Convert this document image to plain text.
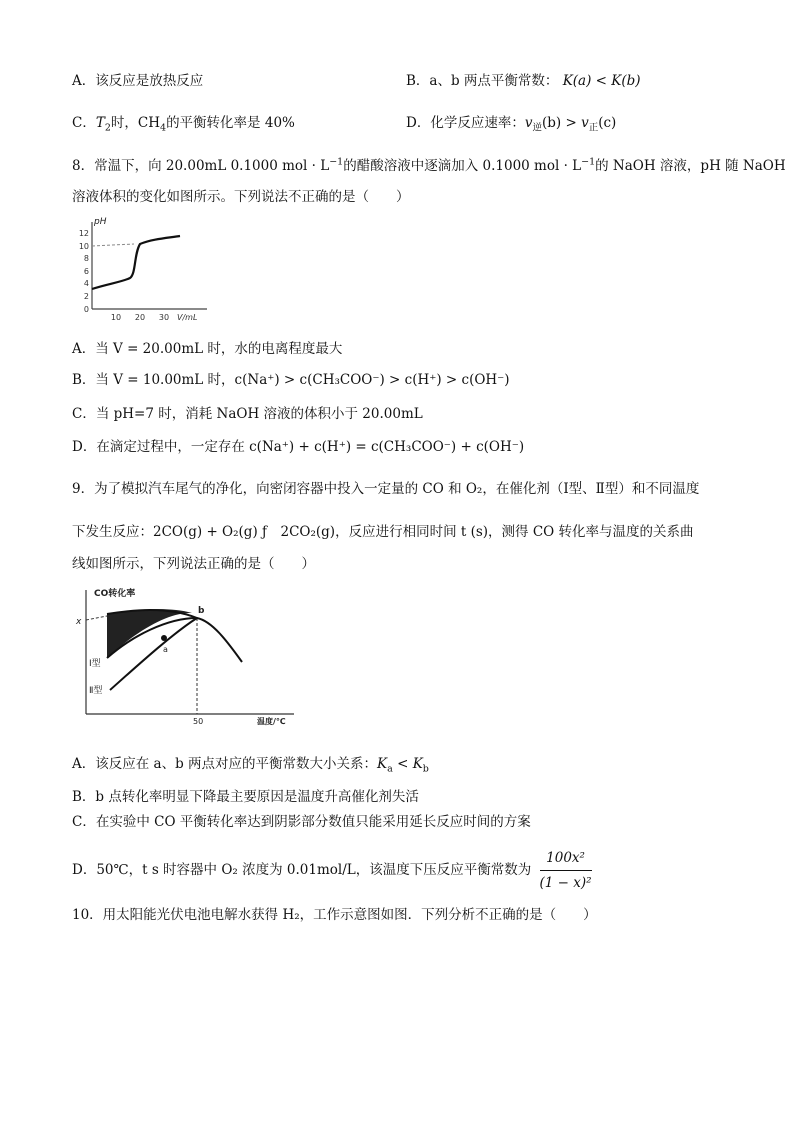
A．该反应是放热反应	B．a、b 两点平衡常数： K(a) < K(b)
C．$T_2$时，$CH_4$的平衡转化率是 40%	D．化学反应速率：$v_逆(b) > v_正(c)$
8．常温下，向 20.00mL 0.1000 mol · $L^{-1}$的醋酸溶液中逐滴加入 0.1000 mol · $L^{-1}$的 NaOH 溶液，pH 随 NaOH
溶液体积的变化如图所示。下列说法不正确的是（　　）
pH
12
10
8
6
4
2
0
10 20 30 V/mL
A．当 V = 20.00mL 时，水的电离程度最大
B．当 V = 10.00mL 时，c(Na⁺) > c(CH₃COO⁻) > c(H⁺) > c(OH⁻)
C．当 pH=7 时，消耗 NaOH 溶液的体积小于 20.00mL
D．在滴定过程中，一定存在 c(Na⁺) + c(H⁺) = c(CH₃COO⁻) + c(OH⁻)
9．为了模拟汽车尾气的净化，向密闭容器中投入一定量的 CO 和 O₂，在催化剂（Ⅰ型、Ⅱ型）和不同温度
下发生反应：2CO(g) + O₂(g) ƒ　2CO₂(g)，反应进行相同时间 t (s)，测得 CO 转化率与温度的关系曲
线如图所示，下列说法正确的是（　　）
CO转化率
x
b
a
Ⅰ型
Ⅱ型
50	温度/℃
A．该反应在 a、b 两点对应的平衡常数大小关系：$K_a < K_b$
B．b 点转化率明显下降最主要原因是温度升高催化剂失活
C．在实验中 CO 平衡转化率达到阴影部分数值只能采用延长反应时间的方案
D．50℃，t s 时容器中 O₂ 浓度为 0.01mol/L，该温度下压反应平衡常数为 $\frac{\text{100x²}}{\text{(1 − x)²}}$
10．用太阳能光伏电池电解水获得 H₂，工作示意图如图．下列分析不正确的是（　　）
